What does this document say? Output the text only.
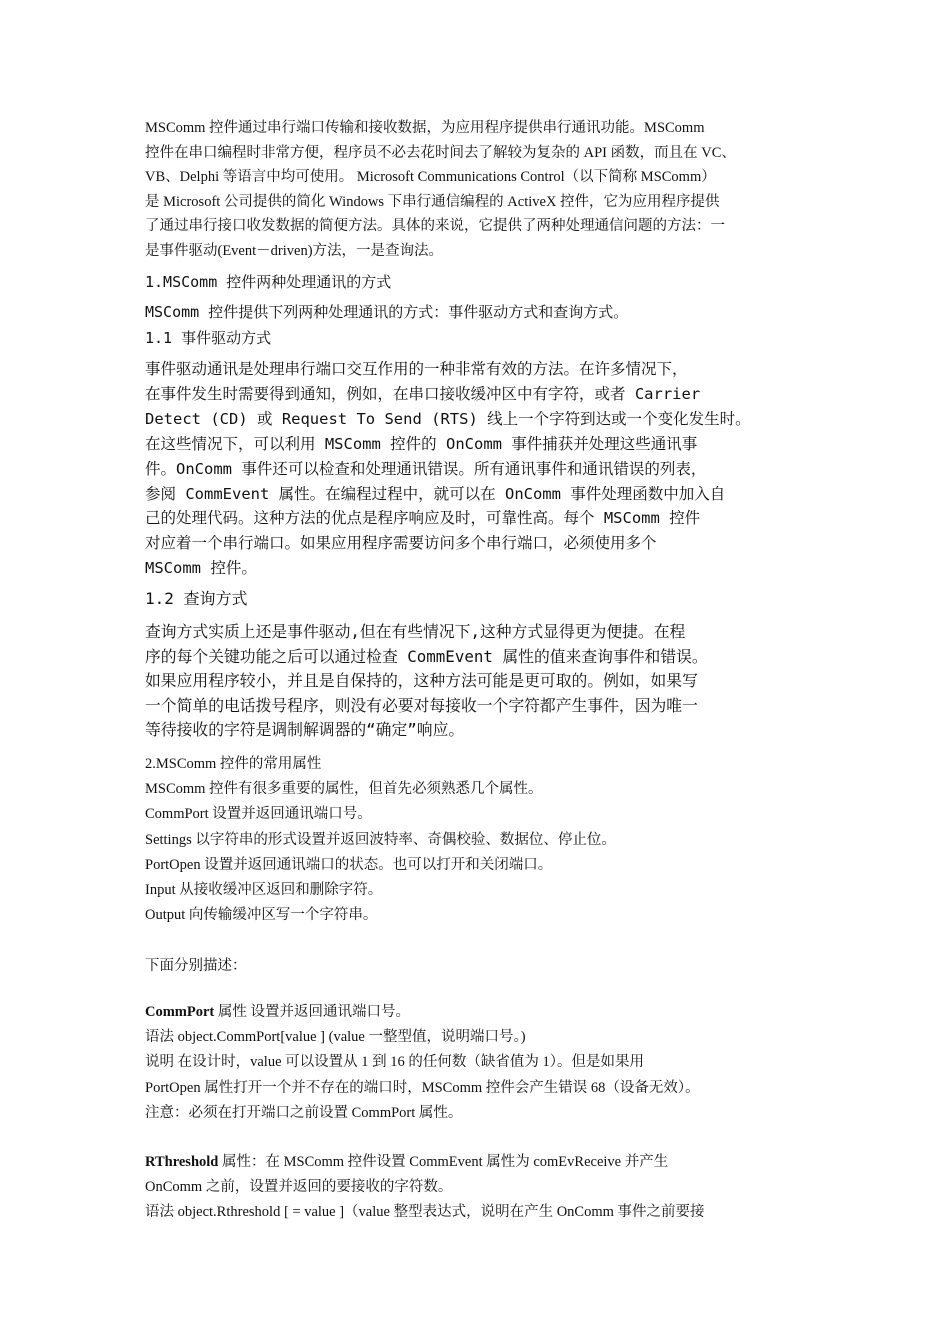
MSComm 控件通过串行端口传输和接收数据，为应用程序提供串行通讯功能。MSComm
控件在串口编程时非常方便，程序员不必去花时间去了解较为复杂的 API 函数，而且在 VC、
VB、Delphi 等语言中均可使用。 Microsoft Communications Control（以下简称 MSComm）
是 Microsoft 公司提供的简化 Windows 下串行通信编程的 ActiveX 控件，它为应用程序提供
了通过串行接口收发数据的简便方法。具体的来说，它提供了两种处理通信问题的方法：一
是事件驱动(Event－driven)方法，一是查询法。
1.MSComm 控件两种处理通讯的方式
MSComm 控件提供下列两种处理通讯的方式：事件驱动方式和查询方式。
1.1 事件驱动方式
事件驱动通讯是处理串行端口交互作用的一种非常有效的方法。在许多情况下，
在事件发生时需要得到通知，例如，在串口接收缓冲区中有字符，或者 Carrier
Detect (CD) 或 Request To Send (RTS) 线上一个字符到达或一个变化发生时。
在这些情况下，可以利用 MSComm 控件的 OnComm 事件捕获并处理这些通讯事
件。OnComm 事件还可以检查和处理通讯错误。所有通讯事件和通讯错误的列表，
参阅 CommEvent 属性。在编程过程中，就可以在 OnComm 事件处理函数中加入自
己的处理代码。这种方法的优点是程序响应及时，可靠性高。每个 MSComm 控件
对应着一个串行端口。如果应用程序需要访问多个串行端口，必须使用多个
MSComm 控件。
1.2 查询方式
查询方式实质上还是事件驱动,但在有些情况下,这种方式显得更为便捷。在程
序的每个关键功能之后可以通过检查 CommEvent 属性的值来查询事件和错误。
如果应用程序较小，并且是自保持的，这种方法可能是更可取的。例如，如果写
一个简单的电话拨号程序，则没有必要对每接收一个字符都产生事件，因为唯一
等待接收的字符是调制解调器的“确定”响应。
2.MSComm 控件的常用属性
MSComm 控件有很多重要的属性，但首先必须熟悉几个属性。
CommPort 设置并返回通讯端口号。
Settings 以字符串的形式设置并返回波特率、奇偶校验、数据位、停止位。
PortOpen 设置并返回通讯端口的状态。也可以打开和关闭端口。
Input 从接收缓冲区返回和删除字符。
Output 向传输缓冲区写一个字符串。

下面分别描述：
CommPort 属性 设置并返回通讯端口号。
语法 object.CommPort[value ] (value 一整型值，说明端口号。)
说明 在设计时，value 可以设置从 1 到 16 的任何数（缺省值为 1）。但是如果用
PortOpen 属性打开一个并不存在的端口时，MSComm 控件会产生错误 68（设备无效）。
注意：必须在打开端口之前设置 CommPort 属性。
RThreshold 属性：在 MSComm 控件设置 CommEvent 属性为 comEvReceive 并产生
OnComm 之前，设置并返回的要接收的字符数。
语法 object.Rthreshold [ = value ]（value 整型表达式，说明在产生 OnComm 事件之前要接
